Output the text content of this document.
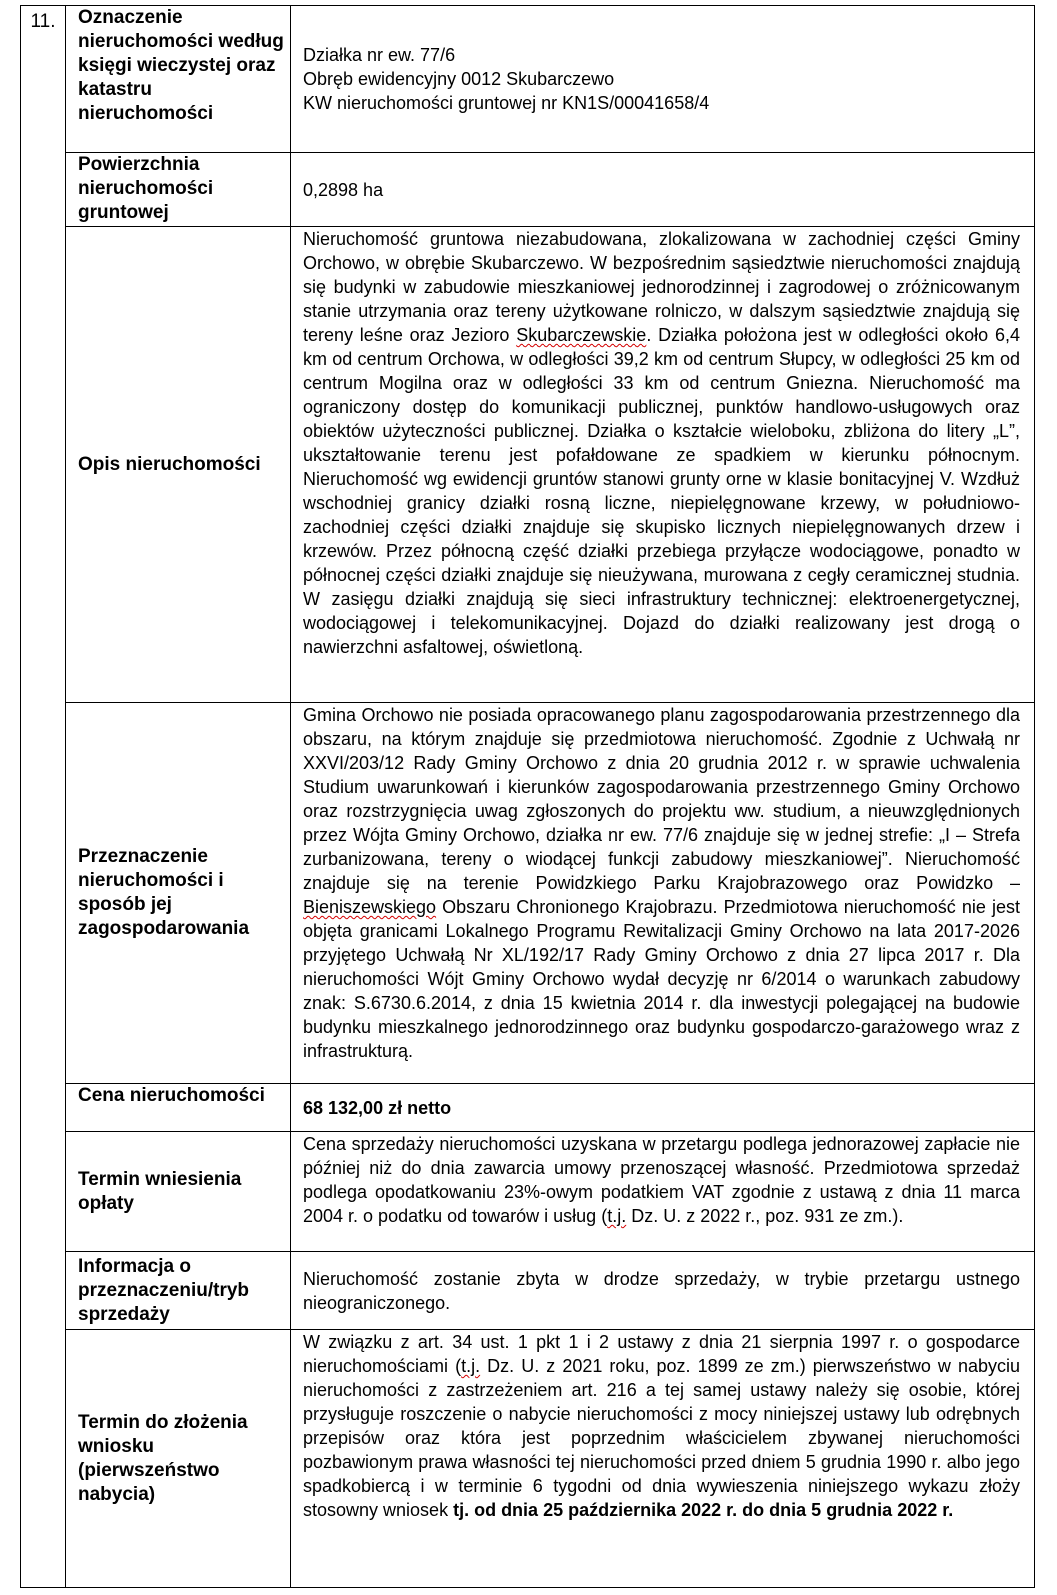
11.	Oznaczenie nieruchomości według księgi wieczystej oraz katastru nieruchomości	Działka nr ew. 77/6
Obręb ewidencyjny 0012 Skubarczewo
KW nieruchomości gruntowej nr KN1S/00041658/4

	Powierzchnia nieruchomości gruntowej	0,2898 ha
	Opis nieruchomości	Nieruchomość gruntowa niezabudowana, zlokalizowana w zachodniej części Gminy Orchowo, w obrębie Skubarczewo. W bezpośrednim sąsiedztwie nieruchomości znajdują się budynki w zabudowie mieszkaniowej jednorodzinnej i zagrodowej o zróżnicowanym stanie utrzymania oraz tereny użytkowane rolniczo, w dalszym sąsiedztwie znajdują się tereny leśne oraz Jezioro Skubarczewskie. Działka położona jest w odległości około 6,4 km od centrum Orchowa, w odległości 39,2 km od centrum Słupcy, w odległości 25 km od centrum Mogilna oraz w odległości 33 km od centrum Gniezna. Nieruchomość ma ograniczony dostęp do komunikacji publicznej, punktów handlowo-usługowych oraz obiektów użyteczności publicznej. Działka o kształcie wieloboku, zbliżona do litery „L”, ukształtowanie terenu jest pofałdowane ze spadkiem w kierunku północnym. Nieruchomość wg ewidencji gruntów stanowi grunty orne w klasie bonitacyjnej V. Wzdłuż wschodniej granicy działki rosną liczne, niepielęgnowane krzewy, w południowo-zachodniej części działki znajduje się skupisko licznych niepielęgnowanych drzew i krzewów. Przez północną część działki przebiega przyłącze wodociągowe, ponadto w północnej części działki znajduje się nieużywana, murowana z cegły ceramicznej studnia. W zasięgu działki znajdują się sieci infrastruktury technicznej: elektroenergetycznej, wodociągowej i telekomunikacyjnej. Dojazd do działki realizowany jest drogą o nawierzchni asfaltowej, oświetloną.
	Przeznaczenie nieruchomości i sposób jej zagospodarowania	Gmina Orchowo nie posiada opracowanego planu zagospodarowania przestrzennego dla obszaru, na którym znajduje się przedmiotowa nieruchomość. Zgodnie z Uchwałą nr XXVI/203/12 Rady Gminy Orchowo z dnia 20 grudnia 2012 r. w sprawie uchwalenia Studium uwarunkowań i kierunków zagospodarowania przestrzennego Gminy Orchowo oraz rozstrzygnięcia uwag zgłoszonych do projektu ww. studium, a nieuwzględnionych przez Wójta Gminy Orchowo, działka nr ew. 77/6 znajduje się w jednej strefie: „I – Strefa zurbanizowana, tereny o wiodącej funkcji zabudowy mieszkaniowej”. Nieruchomość znajduje się na terenie Powidzkiego Parku Krajobrazowego oraz Powidzko – Bieniszewskiego Obszaru Chronionego Krajobrazu. Przedmiotowa nieruchomość nie jest objęta granicami Lokalnego Programu Rewitalizacji Gminy Orchowo na lata 2017-2026 przyjętego Uchwałą Nr XL/192/17 Rady Gminy Orchowo z dnia 27 lipca 2017 r. Dla nieruchomości Wójt Gminy Orchowo wydał decyzję nr 6/2014 o warunkach zabudowy znak: S.6730.6.2014, z dnia 15 kwietnia 2014 r. dla inwestycji polegającej na budowie budynku mieszkalnego jednorodzinnego oraz budynku gospodarczo-garażowego wraz z infrastrukturą.
	Cena nieruchomości	68 132,00 zł netto
	Termin wniesienia opłaty	Cena sprzedaży nieruchomości uzyskana w przetargu podlega jednorazowej zapłacie nie później niż do dnia zawarcia umowy przenoszącej własność. Przedmiotowa sprzedaż podlega opodatkowaniu 23%-owym podatkiem VAT zgodnie z ustawą z dnia 11 marca 2004 r. o podatku od towarów i usług (t.j. Dz. U. z 2022 r., poz. 931 ze zm.).
	Informacja o przeznaczeniu/tryb sprzedaży	Nieruchomość zostanie zbyta w drodze sprzedaży, w trybie przetargu ustnego nieograniczonego.
	Termin do złożenia wniosku (pierwszeństwo nabycia)	W związku z art. 34 ust. 1 pkt 1 i 2 ustawy z dnia 21 sierpnia 1997 r. o gospodarce nieruchomościami (t.j. Dz. U. z 2021 roku, poz. 1899 ze zm.) pierwszeństwo w nabyciu nieruchomości z zastrzeżeniem art. 216 a tej samej ustawy należy się osobie, której przysługuje roszczenie o nabycie nieruchomości z mocy niniejszej ustawy lub odrębnych przepisów oraz która jest poprzednim właścicielem zbywanej nieruchomości pozbawionym prawa własności tej nieruchomości przed dniem 5 grudnia 1990 r. albo jego spadkobiercą i w terminie 6 tygodni od dnia wywieszenia niniejszego wykazu złoży stosowny wniosek tj. od dnia 25 października 2022 r. do dnia 5 grudnia 2022 r.
